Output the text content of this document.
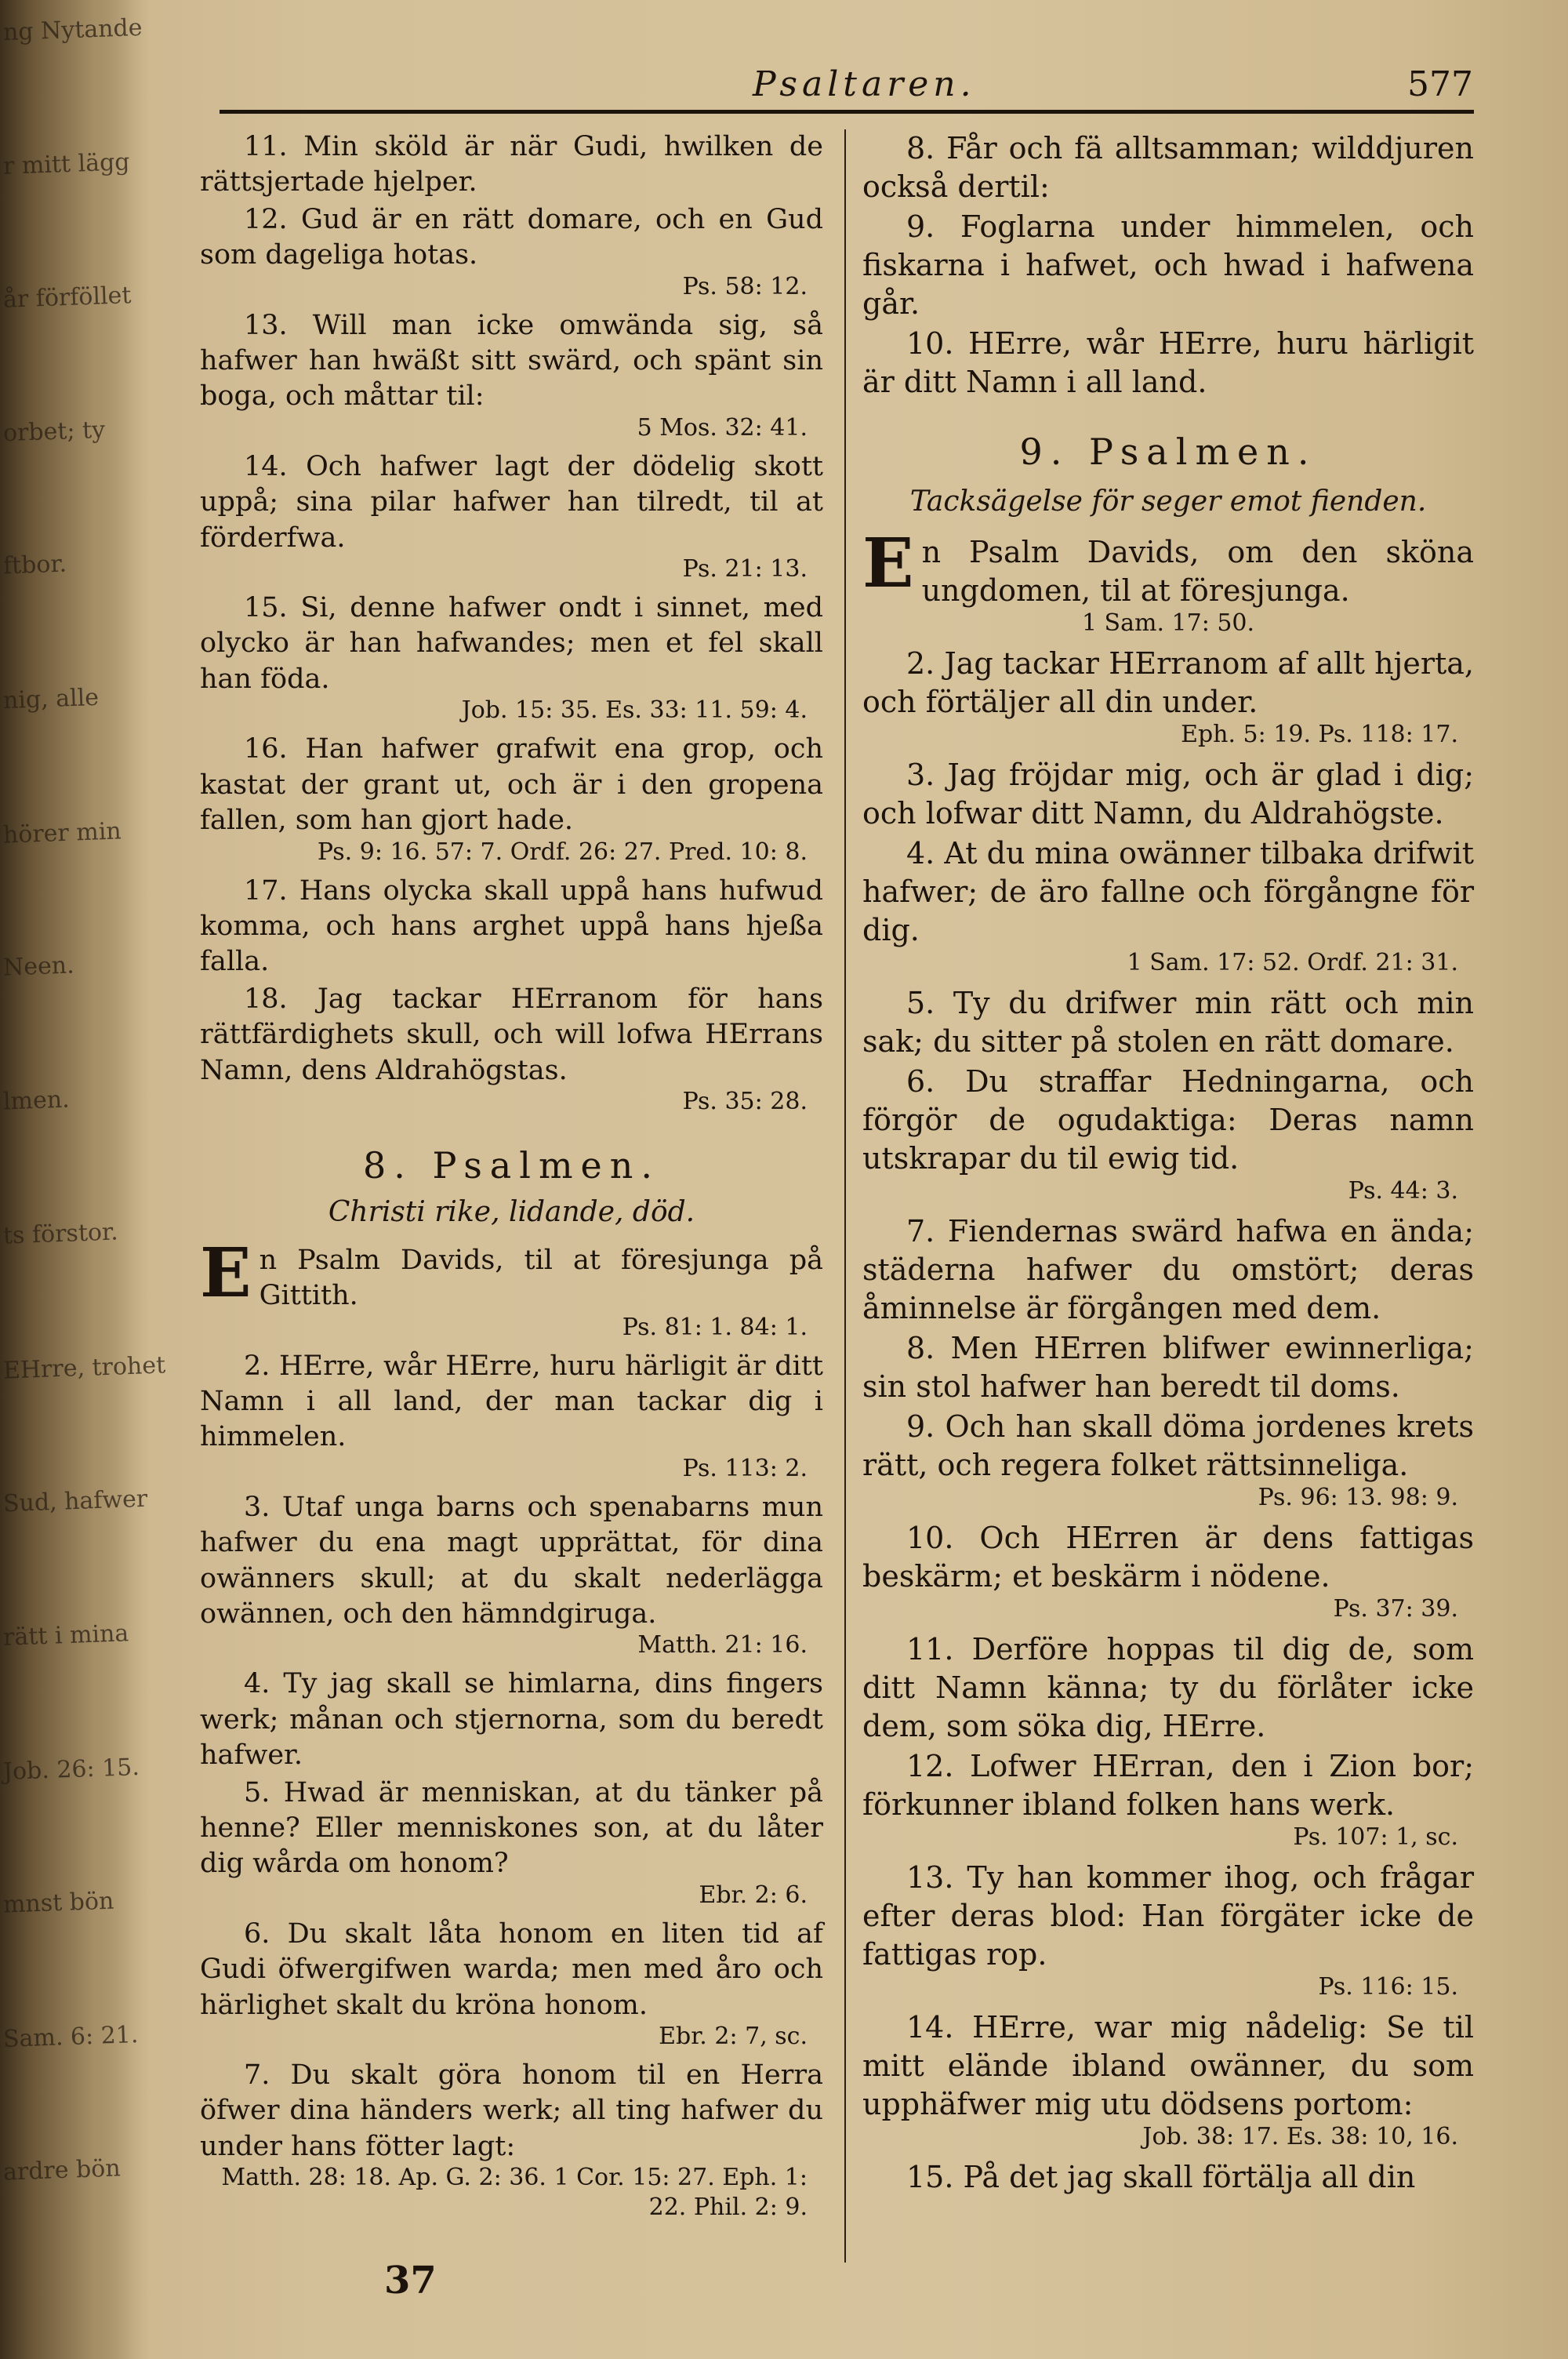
ng Nytande
r mitt lägg
år förföllet
orbet; ty
ftbor.
nig, alle
hörer min
Neen.
lmen.
ts förstor.
EHrre, trohet
Sud, hafwer
rätt i mina
Job. 26: 15.
mnst bön
Sam. 6: 21.
ardre bön
Psaltaren.	577
11. Min sköld är när Gudi, hwilken de rättsjertade hjelper.
12. Gud är en rätt domare, och en Gud som dageliga hotas.
Ps. 58: 12.
13. Will man icke omwända sig, så hafwer han hwäßt sitt swärd, och spänt sin boga, och måttar til:
5 Mos. 32: 41.
14. Och hafwer lagt der dödelig skott uppå; sina pilar hafwer han tilredt, til at förderfwa.
Ps. 21: 13.
15. Si, denne hafwer ondt i sinnet, med olycko är han hafwandes; men et fel skall han föda.
Job. 15: 35. Es. 33: 11. 59: 4.
16. Han hafwer grafwit ena grop, och kastat der grant ut, och är i den gropena fallen, som han gjort hade.
Ps. 9: 16. 57: 7. Ordf. 26: 27. Pred. 10: 8.
17. Hans olycka skall uppå hans hufwud komma, och hans arghet uppå hans hjeßa falla.
18. Jag tackar HErranom för hans rättfärdighets skull, och will lofwa HErrans Namn, dens Aldrahögstas.
Ps. 35: 28.
8. Psalmen.
Christi rike, lidande, död.
En Psalm Davids, til at föresjunga på Gittith.
Ps. 81: 1. 84: 1.
2. HErre, wår HErre, huru härligit är ditt Namn i all land, der man tackar dig i himmelen.
Ps. 113: 2.
3. Utaf unga barns och spenabarns mun hafwer du ena magt upprättat, för dina owänners skull; at du skalt nederlägga owännen, och den hämndgiruga.
Matth. 21: 16.
4. Ty jag skall se himlarna, dins fingers werk; månan och stjernorna, som du beredt hafwer.
5. Hwad är menniskan, at du tänker på henne? Eller menniskones son, at du låter dig wårda om honom?
Ebr. 2: 6.
6. Du skalt låta honom en liten tid af Gudi öfwergifwen warda; men med åro och härlighet skalt du kröna honom.
Ebr. 2: 7, sc.
7. Du skalt göra honom til en Herra öfwer dina händers werk; all ting hafwer du under hans fötter lagt:
Matth. 28: 18. Ap. G. 2: 36. 1 Cor. 15: 27. Eph. 1: 22. Phil. 2: 9.
8. Får och fä alltsamman; wilddjuren också dertil:
9. Foglarna under himmelen, och fiskarna i hafwet, och hwad i hafwena går.
10. HErre, wår HErre, huru härligit är ditt Namn i all land.
9. Psalmen.
Tacksägelse för seger emot fienden.
En Psalm Davids, om den sköna ungdomen, til at föresjunga.
1 Sam. 17: 50.
2. Jag tackar HErranom af allt hjerta, och förtäljer all din under.
Eph. 5: 19. Ps. 118: 17.
3. Jag fröjdar mig, och är glad i dig; och lofwar ditt Namn, du Aldrahögste.
4. At du mina owänner tilbaka drifwit hafwer; de äro fallne och förgångne för dig.
1 Sam. 17: 52. Ordf. 21: 31.
5. Ty du drifwer min rätt och min sak; du sitter på stolen en rätt domare.
6. Du straffar Hedningarna, och förgör de ogudaktiga: Deras namn utskrapar du til ewig tid.
Ps. 44: 3.
7. Fiendernas swärd hafwa en ända; städerna hafwer du omstört; deras åminnelse är förgången med dem.
8. Men HErren blifwer ewinnerliga; sin stol hafwer han beredt til doms.
9. Och han skall döma jordenes krets rätt, och regera folket rättsinneliga.
Ps. 96: 13. 98: 9.
10. Och HErren är dens fattigas beskärm; et beskärm i nödene.
Ps. 37: 39.
11. Derföre hoppas til dig de, som ditt Namn känna; ty du förlåter icke dem, som söka dig, HErre.
12. Lofwer HErran, den i Zion bor; förkunner ibland folken hans werk.
Ps. 107: 1, sc.
13. Ty han kommer ihog, och frågar efter deras blod: Han förgäter icke de fattigas rop.
Ps. 116: 15.
14. HErre, war mig nådelig: Se til mitt elände ibland owänner, du som upphäfwer mig utu dödsens portom:
Job. 38: 17. Es. 38: 10, 16.
15. På det jag skall förtälja all din
37
